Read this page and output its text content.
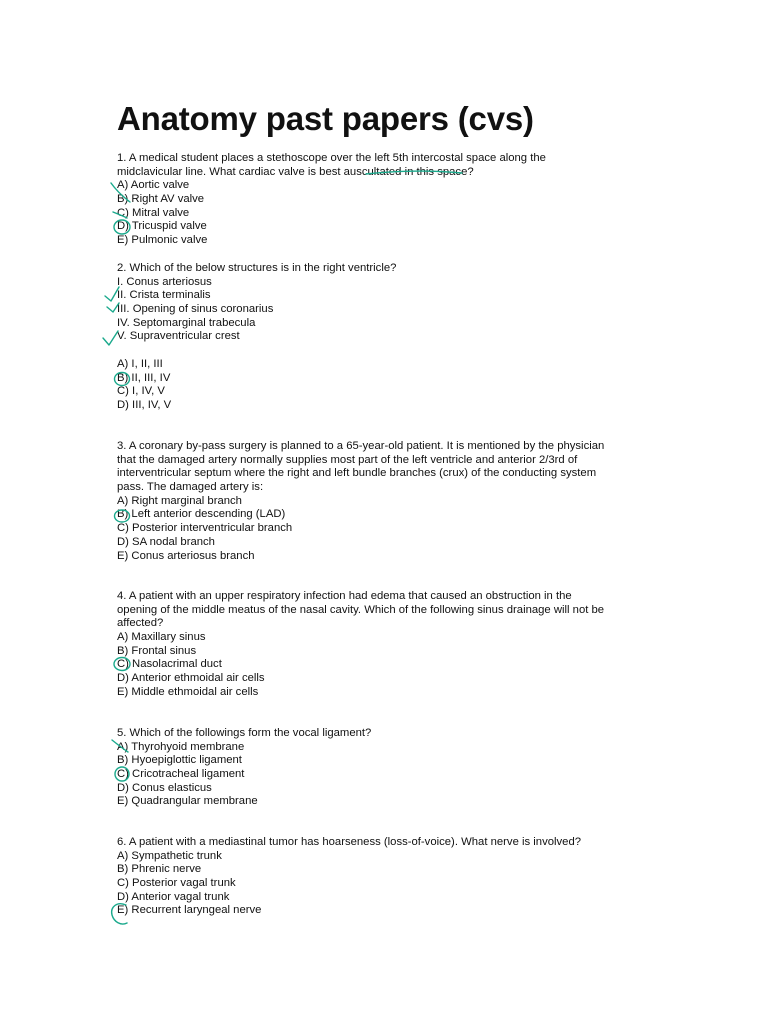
Anatomy past papers (cvs)
1. A medical student places a stethoscope over the left 5th intercostal space along the
midclavicular line. What cardiac valve is best auscultated in this space?
A) Aortic valve
B) Right AV valve
C) Mitral valve
D) Tricuspid valve
E) Pulmonic valve
2. Which of the below structures is in the right ventricle?
I. Conus arteriosus
II. Crista terminalis
III. Opening of sinus coronarius
IV. Septomarginal trabecula
V. Supraventricular crest
A) I, II, III
B) II, III, IV
C) I, IV, V
D) III, IV, V
3. A coronary by-pass surgery is planned to a 65-year-old patient. It is mentioned by the physician
that the damaged artery normally supplies most part of the left ventricle and anterior 2/3rd of
interventricular septum where the right and left bundle branches (crux) of the conducting system
pass. The damaged artery is:
A) Right marginal branch
B) Left anterior descending (LAD)
C) Posterior interventricular branch
D) SA nodal branch
E) Conus arteriosus branch
4. A patient with an upper respiratory infection had edema that caused an obstruction in the
opening of the middle meatus of the nasal cavity. Which of the following sinus drainage will not be
affected?
A) Maxillary sinus
B) Frontal sinus
C) Nasolacrimal duct
D) Anterior ethmoidal air cells
E) Middle ethmoidal air cells
5. Which of the followings form the vocal ligament?
A) Thyrohyoid membrane
B) Hyoepiglottic ligament
C) Cricotracheal ligament
D) Conus elasticus
E) Quadrangular membrane
6. A patient with a mediastinal tumor has hoarseness (loss-of-voice). What nerve is involved?
A) Sympathetic trunk
B) Phrenic nerve
C) Posterior vagal trunk
D) Anterior vagal trunk
E) Recurrent laryngeal nerve
